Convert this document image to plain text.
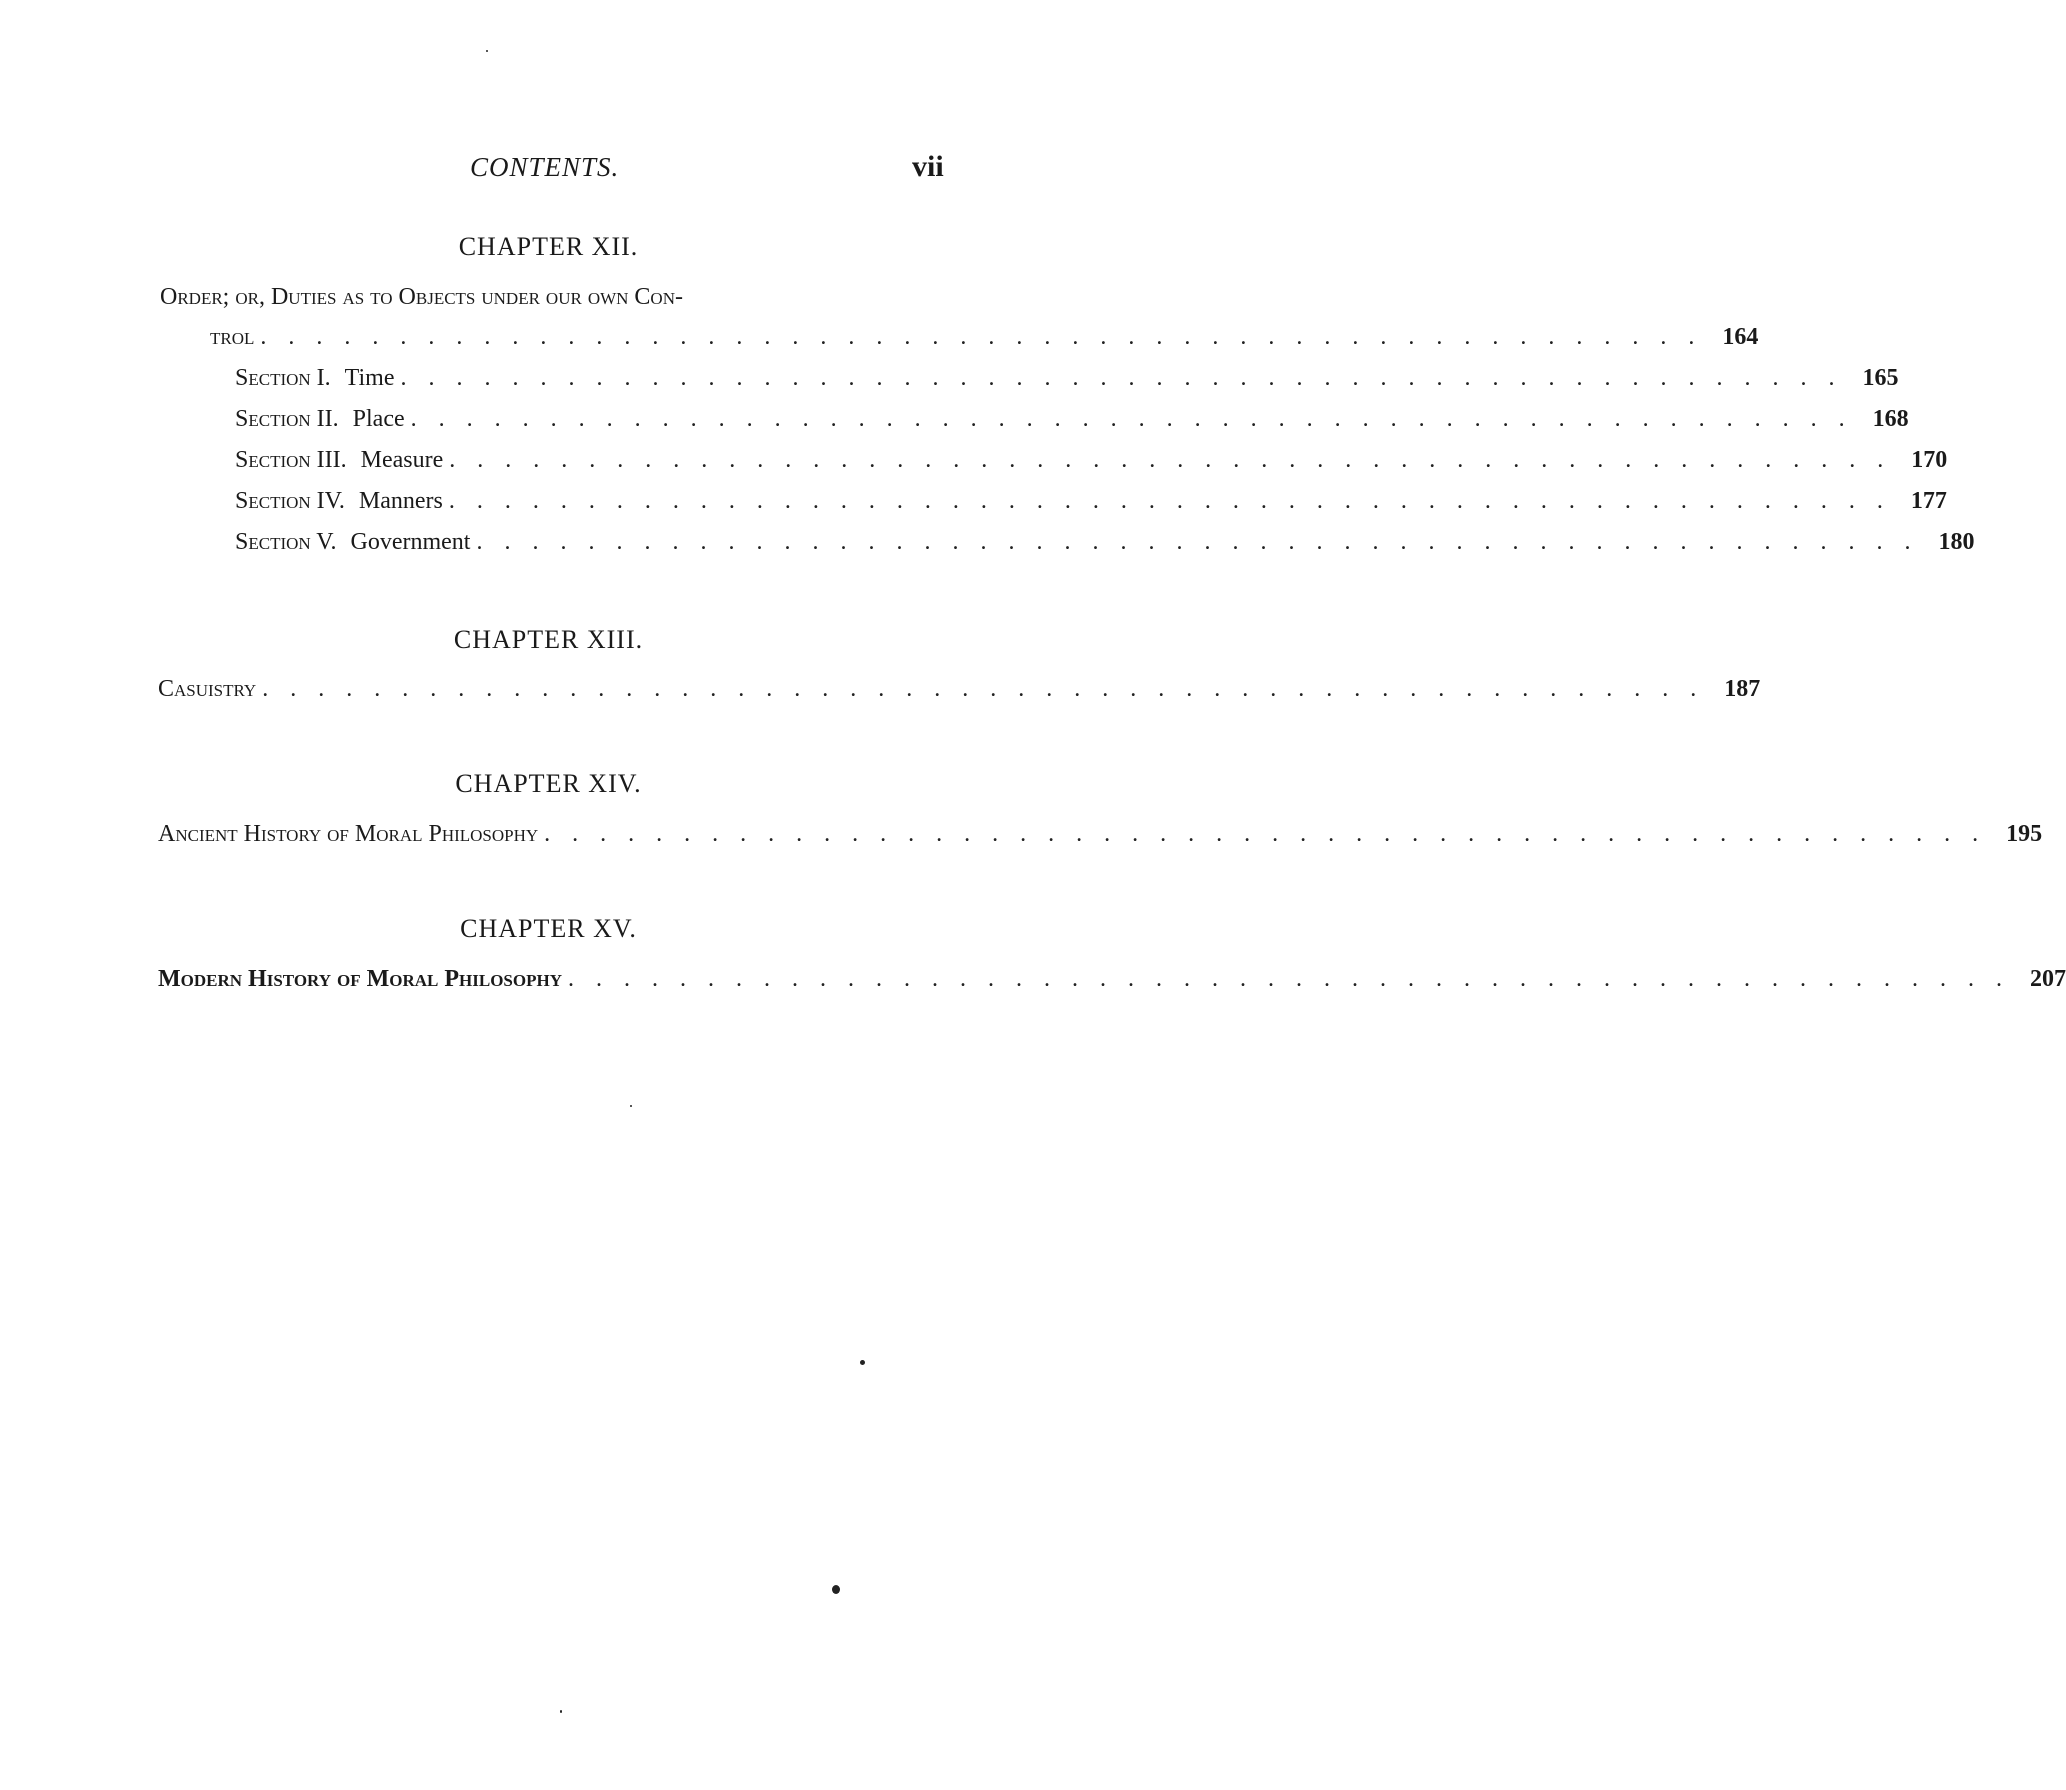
CONTENTS.	vii
CHAPTER XII.
Order; or, Duties as to Objects under our own Con-
trol .................................................... 164
Section I. Time .................................................... 165
Section II. Place .................................................... 168
Section III. Measure .................................................... 170
Section IV. Manners .................................................... 177
Section V. Government .................................................... 180
CHAPTER XIII.
Casuistry .................................................... 187
CHAPTER XIV.
Ancient History of Moral Philosophy .................................................... 195
CHAPTER XV.
Modern History of Moral Philosophy .................................................... 207
